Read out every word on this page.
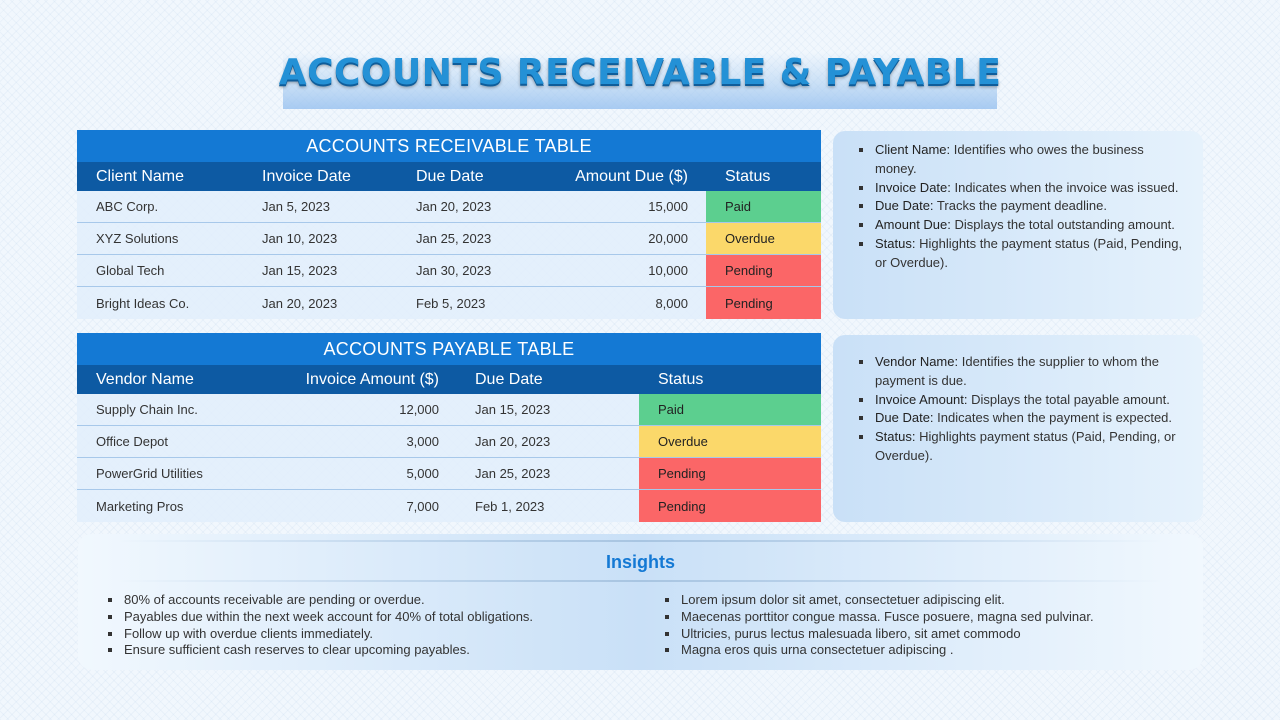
ACCOUNTS RECEIVABLE & PAYABLE
ACCOUNTS RECEIVABLE TABLE
Client Name	Invoice Date	Due Date	Amount Due ($)	Status
ABC Corp.	Jan 5, 2023	Jan 20, 2023	15,000	Paid
XYZ Solutions	Jan 10, 2023	Jan 25, 2023	20,000	Overdue
Global Tech	Jan 15, 2023	Jan 30, 2023	10,000	Pending
Bright Ideas Co.	Jan 20, 2023	Feb 5, 2023	8,000	Pending
ACCOUNTS PAYABLE TABLE
Vendor Name	Invoice Amount ($)	Due Date	Status
Supply Chain Inc.	12,000	Jan 15, 2023	Paid
Office Depot	3,000	Jan 20, 2023	Overdue
PowerGrid Utilities	5,000	Jan 25, 2023	Pending
Marketing Pros	7,000	Feb 1, 2023	Pending
Client Name: Identifies who owes the business money.
Invoice Date: Indicates when the invoice was issued.
Due Date: Tracks the payment deadline.
Amount Due: Displays the total outstanding amount.
Status: Highlights the payment status (Paid, Pending, or Overdue).
Vendor Name: Identifies the supplier to whom the payment is due.
Invoice Amount: Displays the total payable amount.
Due Date: Indicates when the payment is expected.
Status: Highlights payment status (Paid, Pending, or Overdue).
Insights
80% of accounts receivable are pending or overdue.
Payables due within the next week account for 40% of total obligations.
Follow up with overdue clients immediately.
Ensure sufficient cash reserves to clear upcoming payables.
Lorem ipsum dolor sit amet, consectetuer adipiscing elit.
Maecenas porttitor congue massa. Fusce posuere, magna sed pulvinar.
Ultricies, purus lectus malesuada libero, sit amet commodo
Magna eros quis urna consectetuer adipiscing .
